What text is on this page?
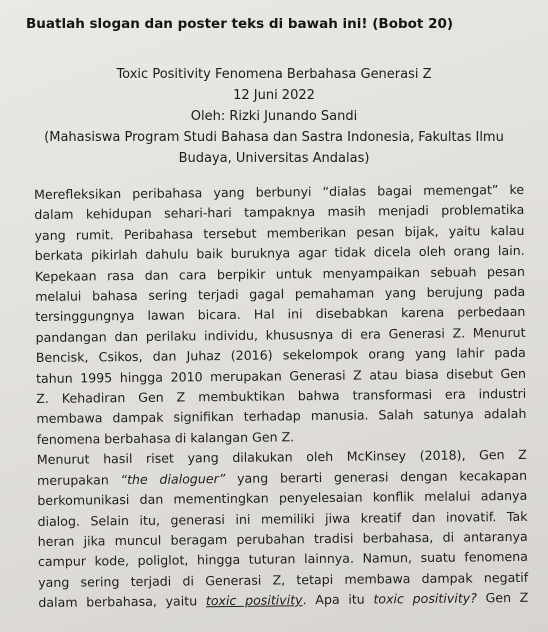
Buatlah slogan dan poster teks di bawah ini! (Bobot 20)
Toxic Positivity Fenomena Berbahasa Generasi Z
12 Juni 2022
Oleh: Rizki Junando Sandi
(Mahasiswa Program Studi Bahasa dan Sastra Indonesia, Fakultas Ilmu
Budaya, Universitas Andalas)
Merefleksikan peribahasa yang berbunyi “dialas bagai memengat” ke
dalam kehidupan sehari-hari tampaknya masih menjadi problematika
yang rumit. Peribahasa tersebut memberikan pesan bijak, yaitu kalau
berkata pikirlah dahulu baik buruknya agar tidak dicela oleh orang lain.
Kepekaan rasa dan cara berpikir untuk menyampaikan sebuah pesan
melalui bahasa sering terjadi gagal pemahaman yang berujung pada
tersinggungnya lawan bicara. Hal ini disebabkan karena perbedaan
pandangan dan perilaku individu, khususnya di era Generasi Z. Menurut
Bencisk, Csikos, dan Juhaz (2016) sekelompok orang yang lahir pada
tahun 1995 hingga 2010 merupakan Generasi Z atau biasa disebut Gen
Z. Kehadiran Gen Z membuktikan bahwa transformasi era industri
membawa dampak signifikan terhadap manusia. Salah satunya adalah
fenomena berbahasa di kalangan Gen Z.
Menurut hasil riset yang dilakukan oleh McKinsey (2018), Gen Z
merupakan “the dialoguer” yang berarti generasi dengan kecakapan
berkomunikasi dan mementingkan penyelesaian konflik melalui adanya
dialog. Selain itu, generasi ini memiliki jiwa kreatif dan inovatif. Tak
heran jika muncul beragam perubahan tradisi berbahasa, di antaranya
campur kode, poliglot, hingga tuturan lainnya. Namun, suatu fenomena
yang sering terjadi di Generasi Z, tetapi membawa dampak negatif
dalam berbahasa, yaitu toxic positivity. Apa itu toxic positivity? Gen Z
